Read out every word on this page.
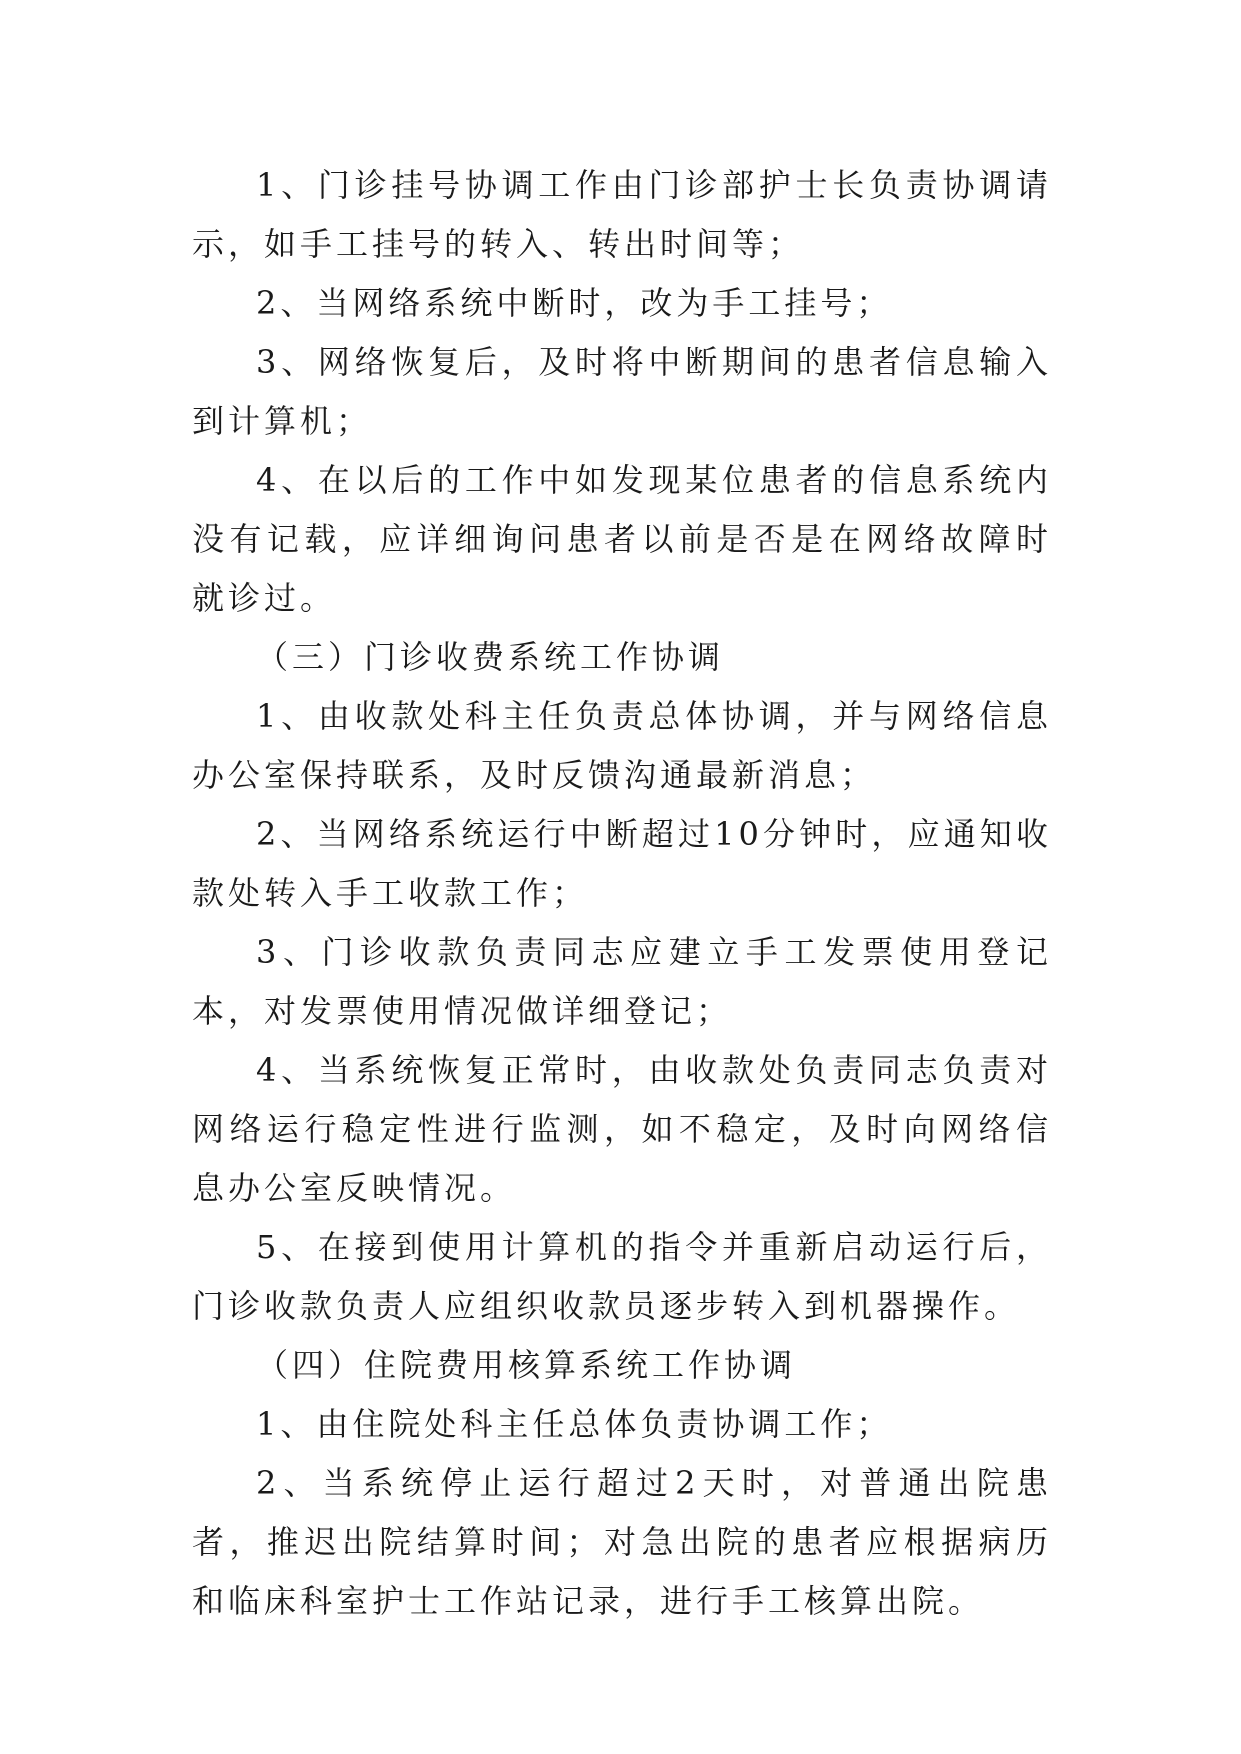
1、门诊挂号协调工作由门诊部护士长负责协调请示，如手工挂号的转入、转出时间等；

2、当网络系统中断时，改为手工挂号；

3、网络恢复后，及时将中断期间的患者信息输入到计算机；

4、在以后的工作中如发现某位患者的信息系统内没有记载，应详细询问患者以前是否是在网络故障时就诊过。

（三）门诊收费系统工作协调

1、由收款处科主任负责总体协调，并与网络信息办公室保持联系，及时反馈沟通最新消息；

2、当网络系统运行中断超过10分钟时，应通知收款处转入手工收款工作；

3、门诊收款负责同志应建立手工发票使用登记本，对发票使用情况做详细登记；

4、当系统恢复正常时，由收款处负责同志负责对网络运行稳定性进行监测，如不稳定，及时向网络信息办公室反映情况。

5、在接到使用计算机的指令并重新启动运行后，门诊收款负责人应组织收款员逐步转入到机器操作。

（四）住院费用核算系统工作协调

1、由住院处科主任总体负责协调工作；

2、当系统停止运行超过2天时，对普通出院患者，推迟出院结算时间；对急出院的患者应根据病历和临床科室护士工作站记录，进行手工核算出院。
